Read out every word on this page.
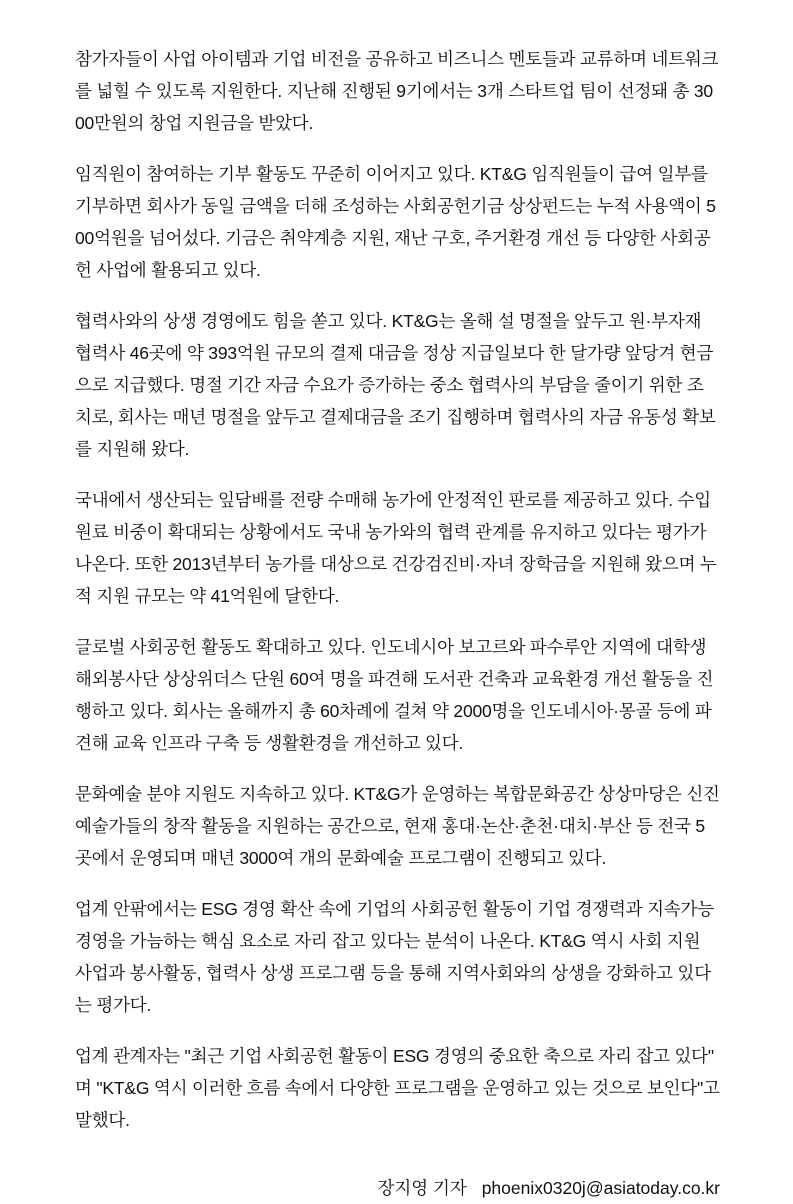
참가자들이 사업 아이템과 기업 비전을 공유하고 비즈니스 멘토들과 교류하며 네트워크를 넓힐 수 있도록 지원한다. 지난해 진행된 9기에서는 3개 스타트업 팀이 선정돼 총 3000만원의 창업 지원금을 받았다.

임직원이 참여하는 기부 활동도 꾸준히 이어지고 있다. KT&G 임직원들이 급여 일부를 기부하면 회사가 동일 금액을 더해 조성하는 사회공헌기금 상상펀드는 누적 사용액이 500억원을 넘어섰다. 기금은 취약계층 지원, 재난 구호, 주거환경 개선 등 다양한 사회공헌 사업에 활용되고 있다.

협력사와의 상생 경영에도 힘을 쏟고 있다. KT&G는 올해 설 명절을 앞두고 원·부자재 협력사 46곳에 약 393억원 규모의 결제 대금을 정상 지급일보다 한 달가량 앞당겨 현금으로 지급했다. 명절 기간 자금 수요가 증가하는 중소 협력사의 부담을 줄이기 위한 조치로, 회사는 매년 명절을 앞두고 결제대금을 조기 집행하며 협력사의 자금 유동성 확보를 지원해 왔다.

국내에서 생산되는 잎담배를 전량 수매해 농가에 안정적인 판로를 제공하고 있다. 수입 원료 비중이 확대되는 상황에서도 국내 농가와의 협력 관계를 유지하고 있다는 평가가 나온다. 또한 2013년부터 농가를 대상으로 건강검진비·자녀 장학금을 지원해 왔으며 누적 지원 규모는 약 41억원에 달한다.

글로벌 사회공헌 활동도 확대하고 있다. 인도네시아 보고르와 파수루안 지역에 대학생 해외봉사단 상상위더스 단원 60여 명을 파견해 도서관 건축과 교육환경 개선 활동을 진행하고 있다. 회사는 올해까지 총 60차례에 걸쳐 약 2000명을 인도네시아·몽골 등에 파견해 교육 인프라 구축 등 생활환경을 개선하고 있다.

문화예술 분야 지원도 지속하고 있다. KT&G가 운영하는 복합문화공간 상상마당은 신진 예술가들의 창작 활동을 지원하는 공간으로, 현재 홍대·논산·춘천·대치·부산 등 전국 5곳에서 운영되며 매년 3000여 개의 문화예술 프로그램이 진행되고 있다.

업계 안팎에서는 ESG 경영 확산 속에 기업의 사회공헌 활동이 기업 경쟁력과 지속가능 경영을 가늠하는 핵심 요소로 자리 잡고 있다는 분석이 나온다. KT&G 역시 사회 지원 사업과 봉사활동, 협력사 상생 프로그램 등을 통해 지역사회와의 상생을 강화하고 있다는 평가다.

업계 관계자는 "최근 기업 사회공헌 활동이 ESG 경영의 중요한 축으로 자리 잡고 있다"며 "KT&G 역시 이러한 흐름 속에서 다양한 프로그램을 운영하고 있는 것으로 보인다"고 말했다.

장지영 기자 phoenix0320j@asiatoday.co.kr
